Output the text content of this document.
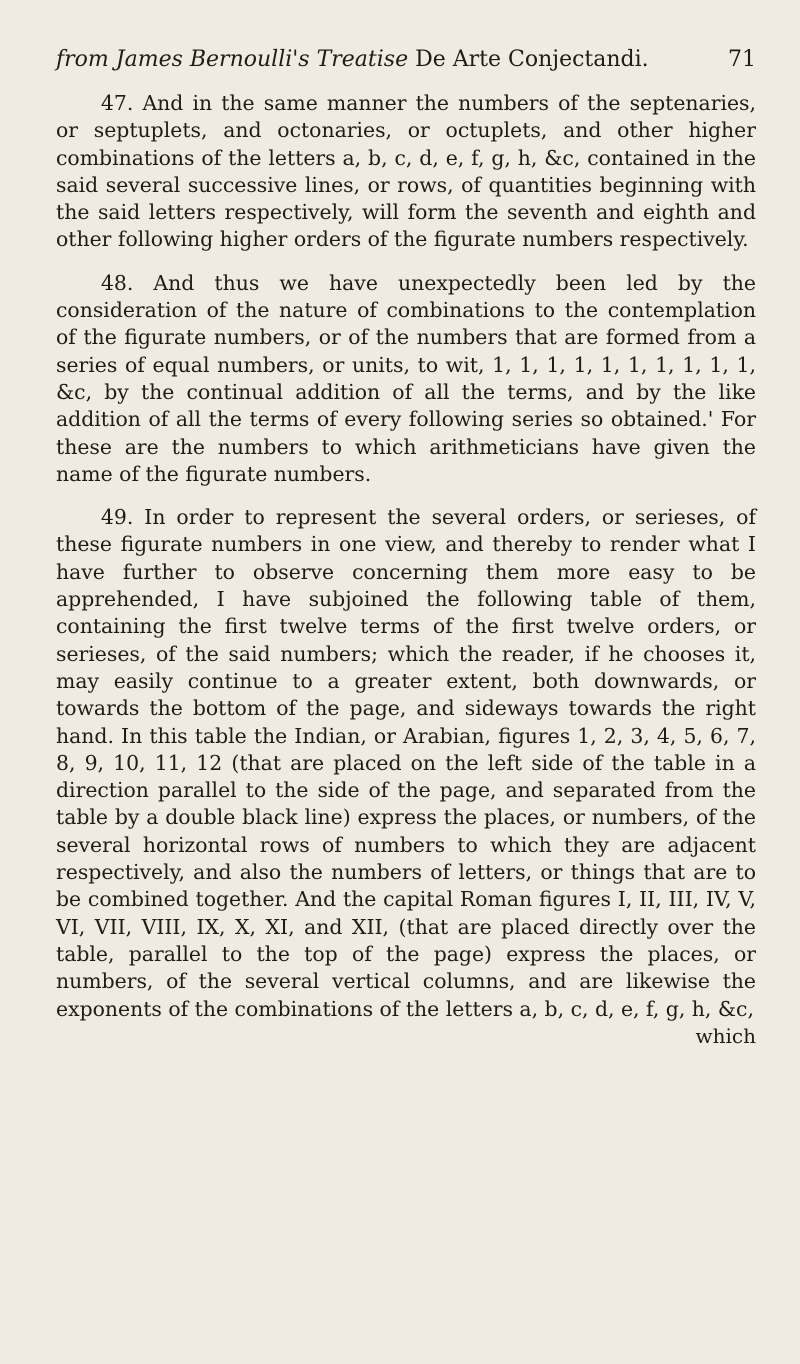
from James Bernoulli's Treatise De Arte Conjectandi.	71

47. And in the same manner the numbers of the septenaries, or septuplets, and octonaries, or octuplets, and other higher combinations of the letters a, b, c, d, e, f, g, h, &c, contained in the said several successive lines, or rows, of quantities beginning with the said letters respectively, will form the seventh and eighth and other following higher orders of the figurate numbers respectively.

48. And thus we have unexpectedly been led by the consideration of the nature of combinations to the contemplation of the figurate numbers, or of the numbers that are formed from a series of equal numbers, or units, to wit, 1, 1, 1, 1, 1, 1, 1, 1, 1, 1, &c, by the continual addition of all the terms, and by the like addition of all the terms of every following series so obtained.' For these are the numbers to which arithmeticians have given the name of the figurate numbers.

49. In order to represent the several orders, or serieses, of these figurate numbers in one view, and thereby to render what I have further to observe concerning them more easy to be apprehended, I have subjoined the following table of them, containing the first twelve terms of the first twelve orders, or serieses, of the said numbers; which the reader, if he chooses it, may easily continue to a greater extent, both downwards, or towards the bottom of the page, and sideways towards the right hand. In this table the Indian, or Arabian, figures 1, 2, 3, 4, 5, 6, 7, 8, 9, 10, 11, 12 (that are placed on the left side of the table in a direction parallel to the side of the page, and separated from the table by a double black line) express the places, or numbers, of the several horizontal rows of numbers to which they are adjacent respectively, and also the numbers of letters, or things that are to be combined together. And the capital Roman figures I, II, III, IV, V, VI, VII, VIII, IX, X, XI, and XII, (that are placed directly over the table, parallel to the top of the page) express the places, or numbers, of the several vertical columns, and are likewise the exponents of the combinations of the letters a, b, c, d, e, f, g, h, &c,

which
